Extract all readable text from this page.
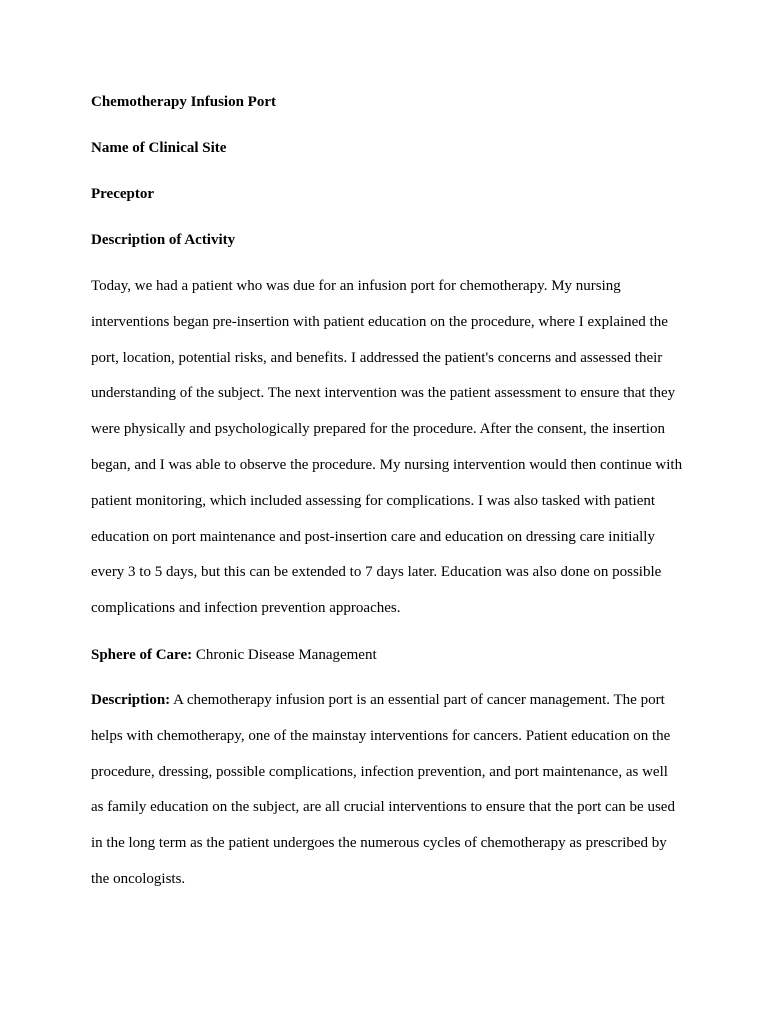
Chemotherapy Infusion Port
Name of Clinical Site
Preceptor
Description of Activity

Today, we had a patient who was due for an infusion port for chemotherapy. My nursing interventions began pre-insertion with patient education on the procedure, where I explained the port, location, potential risks, and benefits. I addressed the patient's concerns and assessed their understanding of the subject. The next intervention was the patient assessment to ensure that they were physically and psychologically prepared for the procedure. After the consent, the insertion began, and I was able to observe the procedure. My nursing intervention would then continue with patient monitoring, which included assessing for complications. I was also tasked with patient education on port maintenance and post-insertion care and education on dressing care initially every 3 to 5 days, but this can be extended to 7 days later. Education was also done on possible complications and infection prevention approaches.

Sphere of Care: Chronic Disease Management

Description: A chemotherapy infusion port is an essential part of cancer management. The port helps with chemotherapy, one of the mainstay interventions for cancers. Patient education on the procedure, dressing, possible complications, infection prevention, and port maintenance, as well as family education on the subject, are all crucial interventions to ensure that the port can be used in the long term as the patient undergoes the numerous cycles of chemotherapy as prescribed by the oncologists.
